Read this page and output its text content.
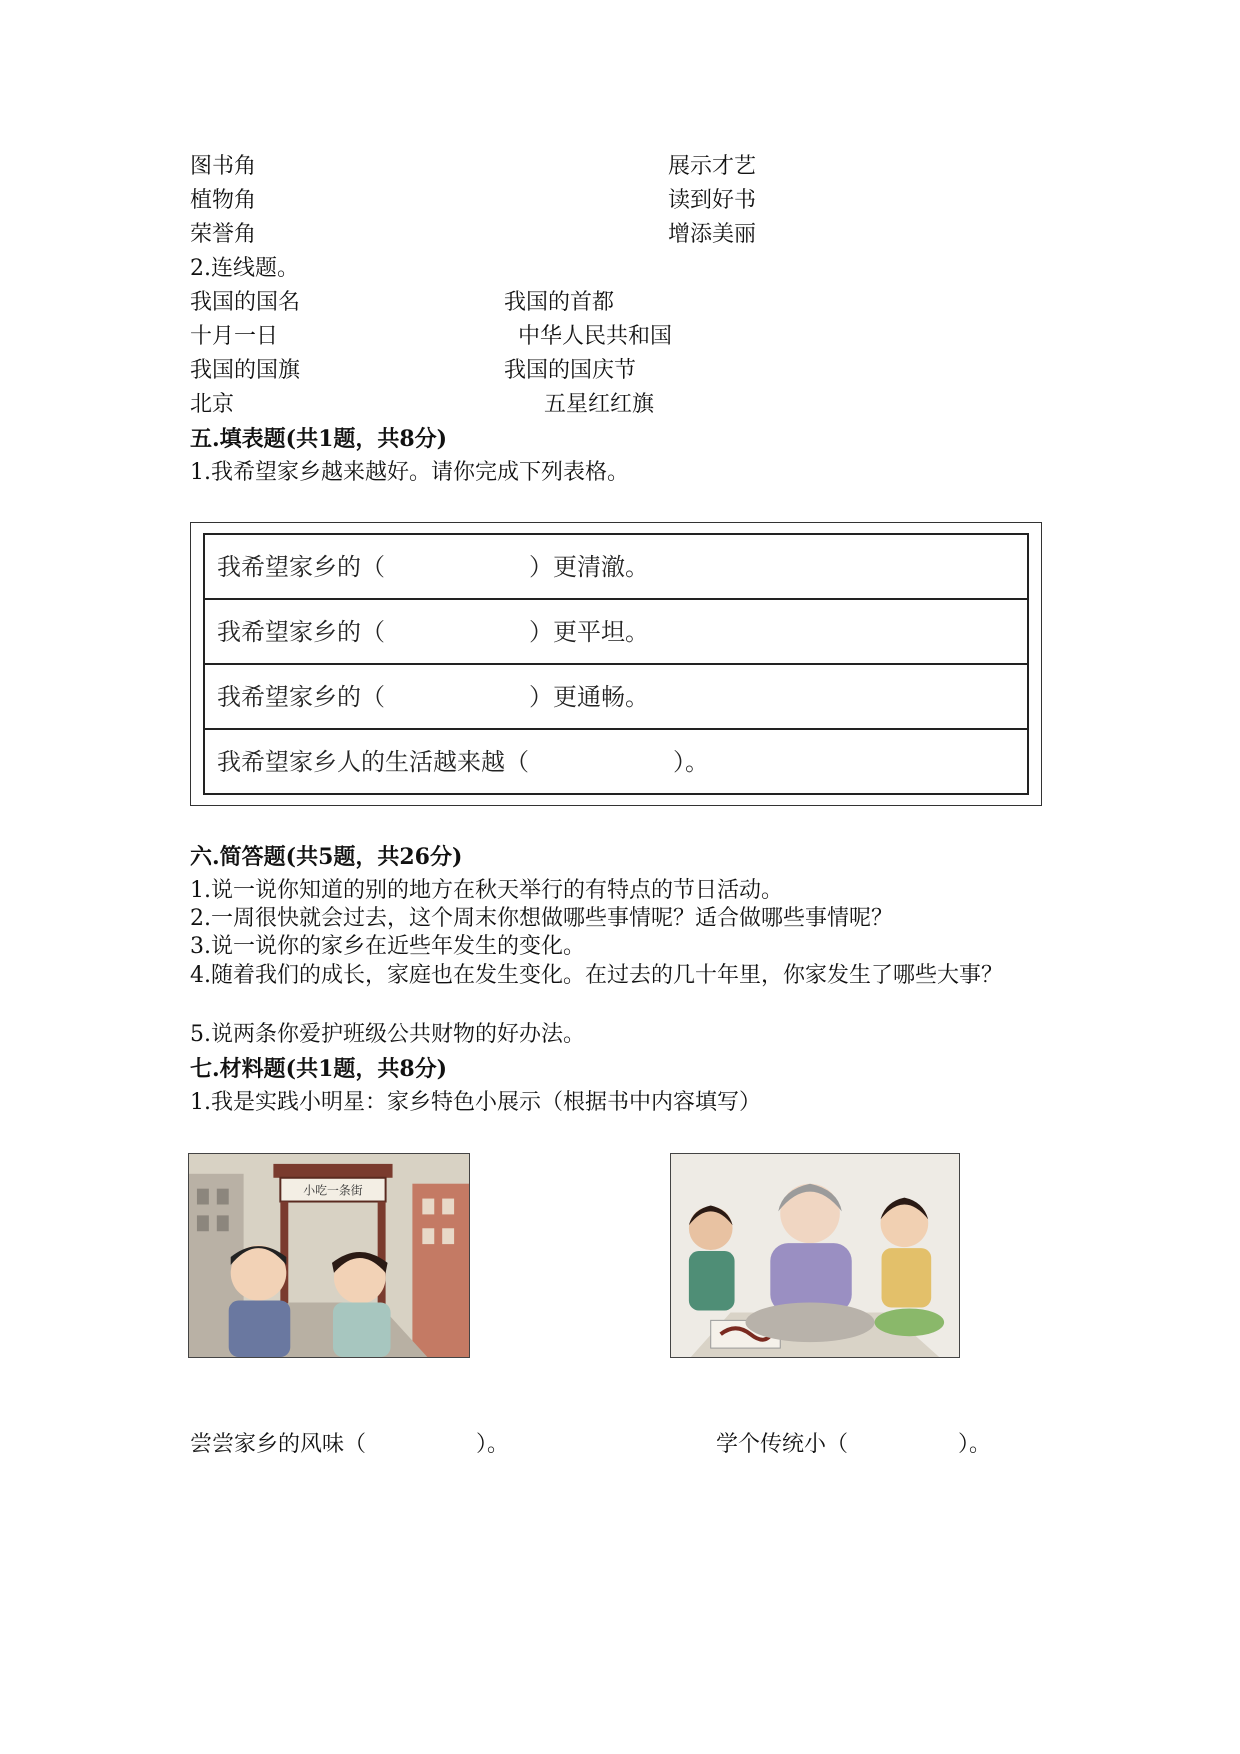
图书角
植物角
荣誉角
展示才艺
读到好书
增添美丽
2.连线题。
我国的国名
十月一日
我国的国旗
北京
我国的首都
中华人民共和国
我国的国庆节
五星红红旗
五.填表题(共1题，共8分)
1.我希望家乡越来越好。请你完成下列表格。
我希望家乡的（　　　　　　）更清澈。
我希望家乡的（　　　　　　）更平坦。
我希望家乡的（　　　　　　）更通畅。
我希望家乡人的生活越来越（　　　　　　）。
六.简答题(共5题，共26分)
1.说一说你知道的别的地方在秋天举行的有特点的节日活动。
2.一周很快就会过去，这个周末你想做哪些事情呢？适合做哪些事情呢？
3.说一说你的家乡在近些年发生的变化。
4.随着我们的成长，家庭也在发生变化。在过去的几十年里，你家发生了哪些大事？
5.说两条你爱护班级公共财物的好办法。
七.材料题(共1题，共8分)
1.我是实践小明星：家乡特色小展示（根据书中内容填写）
小吃一条街
尝尝家乡的风味（　　　　　）。	学个传统小（　　　　　）。
